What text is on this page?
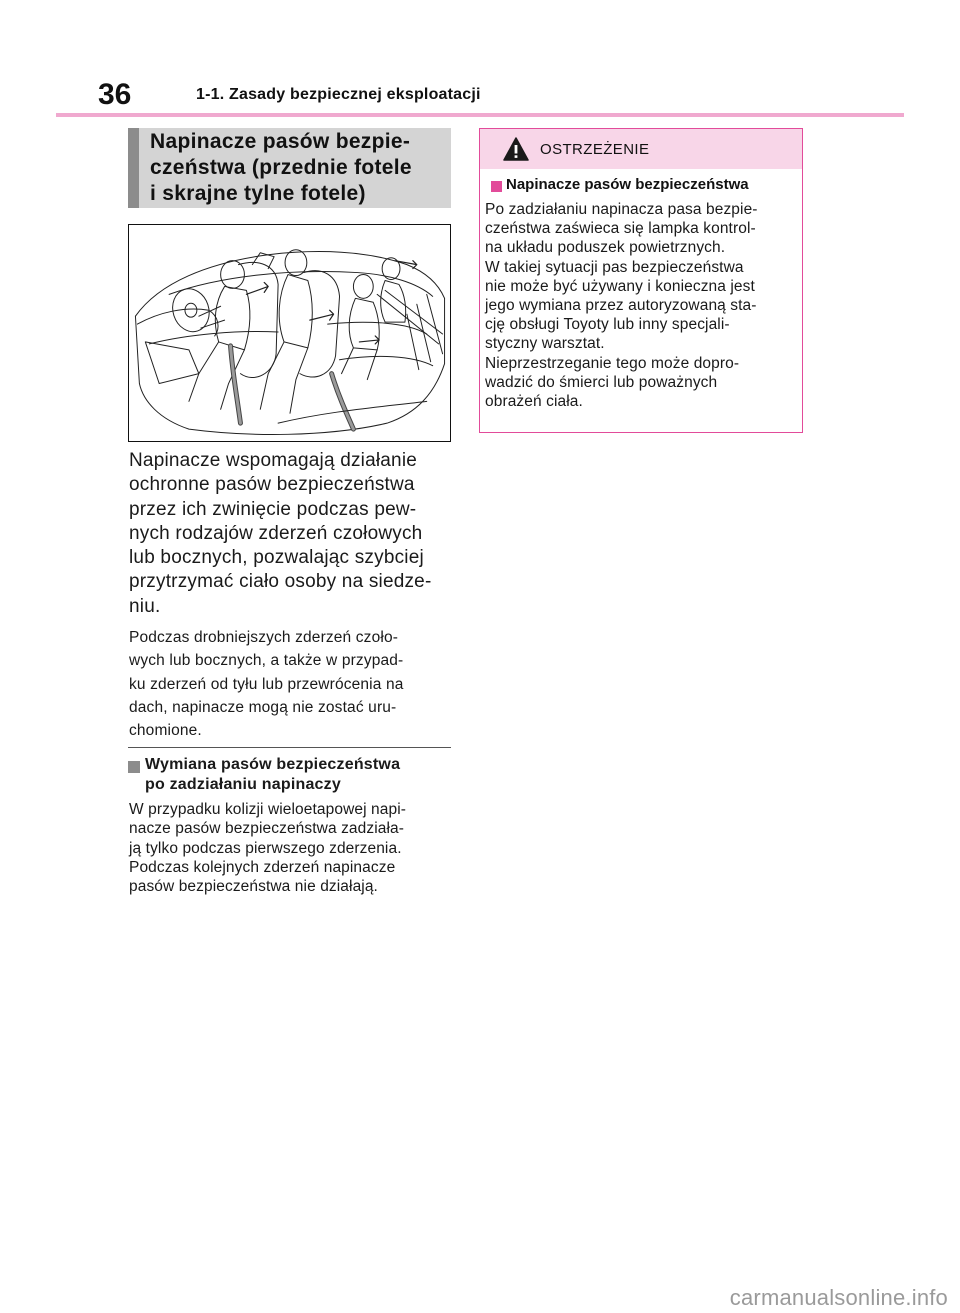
36	1-1. Zasady bezpiecznej eksploatacji
Napinacze pasów bezpie-
czeństwa (przednie fotele
i skrajne tylne fotele)
Napinacze wspomagają działanie
ochronne pasów bezpieczeństwa
przez ich zwinięcie podczas pew-
nych rodzajów zderzeń czołowych
lub bocznych, pozwalając szybciej
przytrzymać ciało osoby na siedze-
niu.
Podczas drobniejszych zderzeń czoło-
wych lub bocznych, a także w przypad-
ku zderzeń od tyłu lub przewrócenia na
dach, napinacze mogą nie zostać uru-
chomione.
Wymiana pasów bezpieczeństwa
po zadziałaniu napinaczy
W przypadku kolizji wieloetapowej napi-
nacze pasów bezpieczeństwa zadziała-
ją tylko podczas pierwszego zderzenia.
Podczas kolejnych zderzeń napinacze
pasów bezpieczeństwa nie działają.
OSTRZEŻENIE
Napinacze pasów bezpieczeństwa
Po zadziałaniu napinacza pasa bezpie-
czeństwa zaświeca się lampka kontrol-
na układu poduszek powietrznych.
W takiej sytuacji pas bezpieczeństwa
nie może być używany i konieczna jest
jego wymiana przez autoryzowaną sta-
cję obsługi Toyoty lub inny specjali-
styczny warsztat.
Nieprzestrzeganie tego może dopro-
wadzić do śmierci lub poważnych
obrażeń ciała.
carmanualsonline.info
